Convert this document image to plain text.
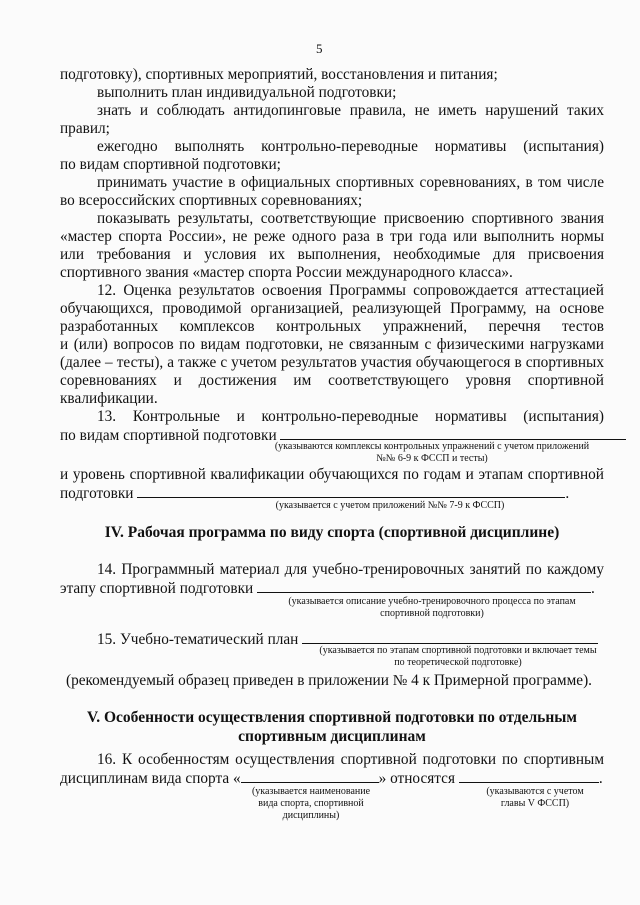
5
подготовку), спортивных мероприятий, восстановления и питания;
выполнить план индивидуальной подготовки;
знать и соблюдать антидопинговые правила, не иметь нарушений таких
правил;
ежегодно выполнять контрольно-переводные нормативы (испытания)
по видам спортивной подготовки;
принимать участие в официальных спортивных соревнованиях, в том числе
во всероссийских спортивных соревнованиях;
показывать результаты, соответствующие присвоению спортивного звания
«мастер спорта России», не реже одного раза в три года или выполнить нормы
или требования и условия их выполнения, необходимые для присвоения
спортивного звания «мастер спорта России международного класса».
12. Оценка результатов освоения Программы сопровождается аттестацией
обучающихся, проводимой организацией, реализующей Программу, на основе
разработанных комплексов контрольных упражнений, перечня тестов
и (или) вопросов по видам подготовки, не связанным с физическими нагрузками
(далее – тесты), а также с учетом результатов участия обучающегося в спортивных
соревнованиях и достижения им соответствующего уровня спортивной
квалификации.
13. Контрольные и контрольно-переводные нормативы (испытания)
по видам спортивной подготовки
(указываются комплексы контрольных упражнений с учетом приложений
№№ 6-9 к ФССП и тесты)
и уровень спортивной квалификации обучающихся по годам и этапам спортивной
подготовки	.
(указывается с учетом приложений №№ 7-9 к ФССП)
IV. Рабочая программа по виду спорта (спортивной дисциплине)
14. Программный материал для учебно-тренировочных занятий по каждому
этапу спортивной подготовки	.
(указывается описание учебно-тренировочного процесса по этапам
спортивной подготовки)
15. Учебно-тематический план
(указывается по этапам спортивной подготовки и включает темы
по теоретической подготовке)
(рекомендуемый образец приведен в приложении № 4 к Примерной программе).
V. Особенности осуществления спортивной подготовки по отдельным
спортивным дисциплинам
16. К особенностям осуществления спортивной подготовки по спортивным
дисциплинам вида спорта «	» относятся	.
(указывается наименование
вида спорта, спортивной
дисциплины)
(указываются с учетом
главы V ФССП)
